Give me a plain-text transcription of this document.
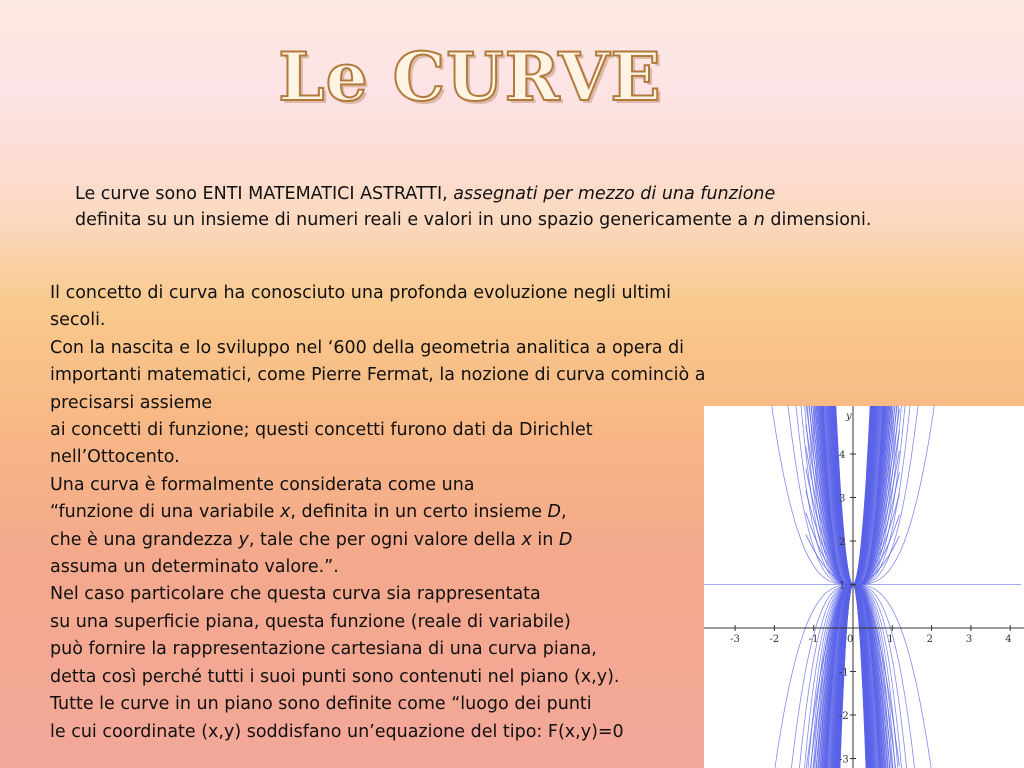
Le CURVE
Le curve sono ENTI MATEMATICI ASTRATTI, assegnati per mezzo di una funzione
definita su un insieme di numeri reali e valori in uno spazio genericamente a n dimensioni.
Il concetto di curva ha conosciuto una profonda evoluzione negli ultimi
secoli.
Con la nascita e lo sviluppo nel ‘600 della geometria analitica a opera di
importanti matematici, come Pierre Fermat, la nozione di curva cominciò a
precisarsi assieme
ai concetti di funzione; questi concetti furono dati da Dirichlet
nell’Ottocento.
Una curva è formalmente considerata come una
“funzione di una variabile x, definita in un certo insieme D,
che è una grandezza y, tale che per ogni valore della x in D
assuma un determinato valore.”.
Nel caso particolare che questa curva sia rappresentata
su una superficie piana, questa funzione (reale di variabile)
può fornire la rappresentazione cartesiana di una curva piana,
detta così perché tutti i suoi punti sono contenuti nel piano (x,y).
Tutte le curve in un piano sono definite come “luogo dei punti
le cui coordinate (x,y) soddisfano un’equazione del tipo: F(x,y)=0
y
-3	-2	-1	0	1	2	3	4
4
3
2
1
-1
-2
-3
